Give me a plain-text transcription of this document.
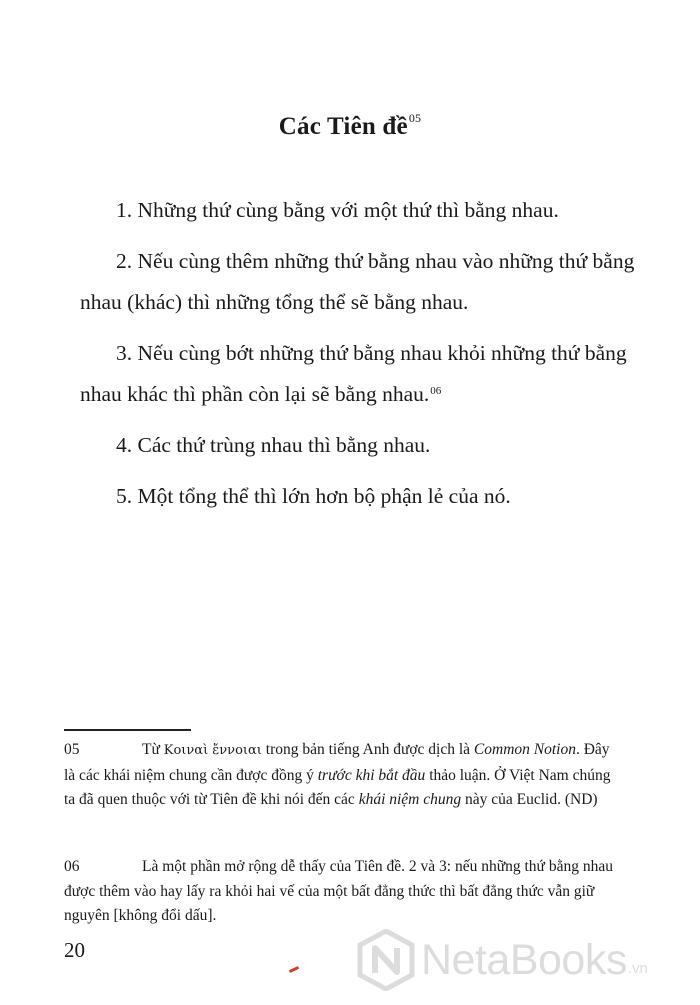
Các Tiên đề$^{05}$

1. Những thứ cùng bằng với một thứ thì bằng nhau.

2. Nếu cùng thêm những thứ bằng nhau vào những thứ bằng nhau (khác) thì những tổng thể sẽ bằng nhau.

3. Nếu cùng bớt những thứ bằng nhau khỏi những thứ bằng nhau khác thì phần còn lại sẽ bằng nhau.$^{06}$

4. Các thứ trùng nhau thì bằng nhau.

5. Một tổng thể thì lớn hơn bộ phận lẻ của nó.

05	Từ Κοιναὶ ἔννοιαι trong bản tiếng Anh được dịch là Common Notion. Đây là các khái niệm chung cần được đồng ý trước khi bắt đầu thảo luận. Ở Việt Nam chúng ta đã quen thuộc với từ Tiên đề khi nói đến các khái niệm chung này của Euclid. (ND)

06	Là một phần mở rộng dễ thấy của Tiên đề. 2 và 3: nếu những thứ bằng nhau được thêm vào hay lấy ra khỏi hai vế của một bất đẳng thức thì bất đẳng thức vẫn giữ nguyên [không đổi dấu].

20	NetaBooks .vn
